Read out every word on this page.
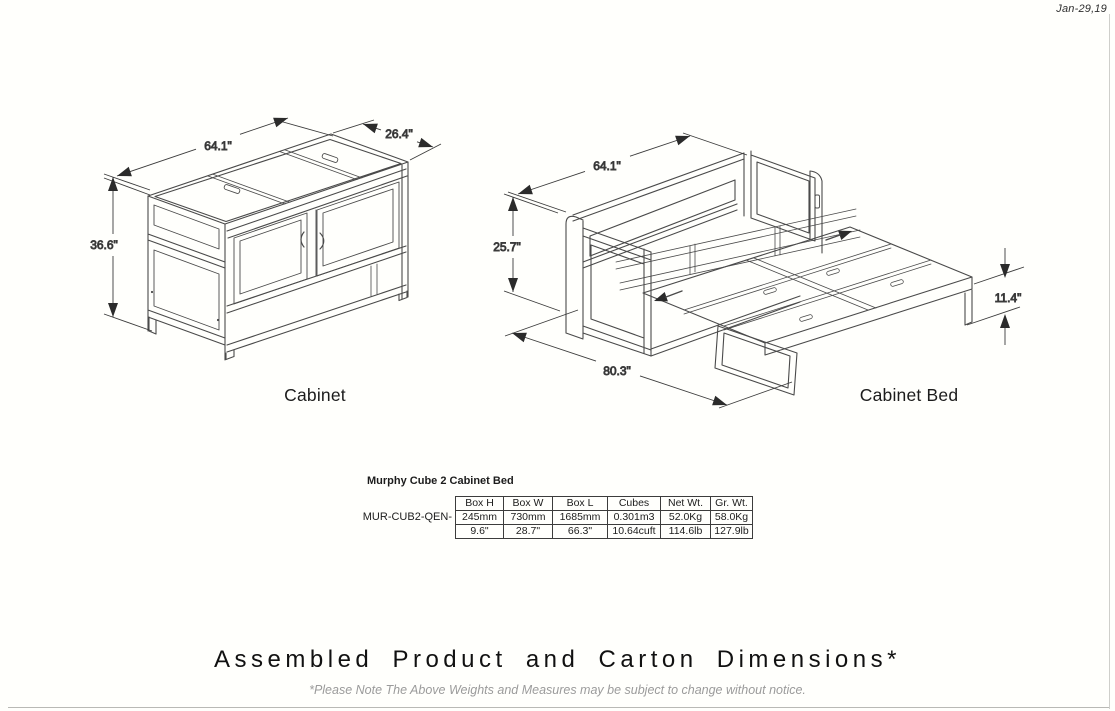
Jan-29,19
64.1"
26.4"
36.6"
Cabinet
64.1"
25.7"
80.3"
11.4"
Cabinet Bed
Murphy Cube 2 Cabinet Bed
MUR-CUB2-QEN-
Box H	Box W	Box L	Cubes	Net Wt.	Gr. Wt.
245mm	730mm	1685mm	0.301m3	52.0Kg	58.0Kg
9.6"	28.7"	66.3"	10.64cuft	114.6lb	127.9lb
Assembled Product and Carton Dimensions*
*Please Note The Above Weights and Measures may be subject to change without notice.
